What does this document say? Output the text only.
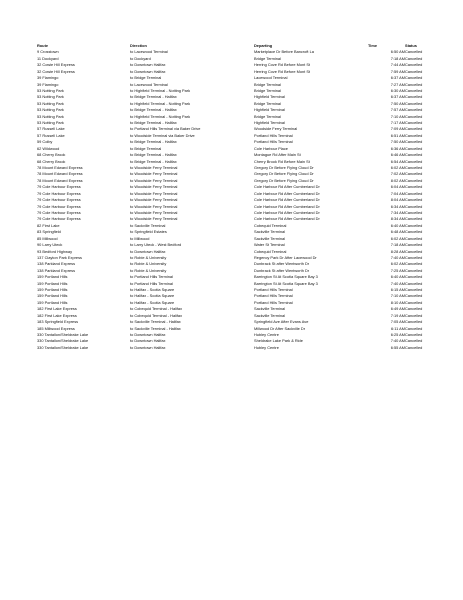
Route	Direction	Departing	Time	Status
9 Crosstown	to Lacewood Terminal	Marketplace Dr Before Bancroft La	6:50 AM	Cancelled
11 Dockyard	to Dockyard	Bridge Terminal	7:18 AM	Cancelled
32 Cowie Hill Express	to Downtown Halifax	Herring Cove Rd Before Mont St	7:44 AM	Cancelled
32 Cowie Hill Express	to Downtown Halifax	Herring Cove Rd Before Mont St	7:59 AM	Cancelled
39 Flamingo	to Bridge Terminal	Lacewood Terminal	6:37 AM	Cancelled
39 Flamingo	to Lacewood Terminal	Bridge Terminal	7:27 AM	Cancelled
53 Notting Park	to Highfield Terminal - Notting Park	Bridge Terminal	6:30 AM	Cancelled
53 Notting Park	to Bridge Terminal - Halifax	Highfield Terminal	6:37 AM	Cancelled
53 Notting Park	to Highfield Terminal - Notting Park	Bridge Terminal	7:50 AM	Cancelled
53 Notting Park	to Bridge Terminal - Halifax	Highfield Terminal	7:57 AM	Cancelled
53 Notting Park	to Highfield Terminal - Notting Park	Bridge Terminal	7:10 AM	Cancelled
53 Notting Park	to Bridge Terminal - Halifax	Highfield Terminal	7:17 AM	Cancelled
57 Russell Lake	to Portland Hills Terminal via Baker Drive	Woodside Ferry Terminal	7:09 AM	Cancelled
57 Russell Lake	to Woodside Terminal via Baker Drive	Portland Hills Terminal	6:51 AM	Cancelled
59 Colby	to Bridge Terminal - Halifax	Portland Hills Terminal	7:50 AM	Cancelled
62 Wildwood	to Bridge Terminal	Cole Harbour Place	6:36 AM	Cancelled
68 Cherry Brook	to Bridge Terminal - Halifax	Montague Rd After Main St	6:46 AM	Cancelled
68 Cherry Brook	to Bridge Terminal - Halifax	Cherry Brook Rd Before Main St	6:54 AM	Cancelled
78 Mount Edward Express	to Woodside Ferry Terminal	Gregory Dr Before Flying Cloud Dr	6:02 AM	Cancelled
78 Mount Edward Express	to Woodside Ferry Terminal	Gregory Dr Before Flying Cloud Dr	7:02 AM	Cancelled
78 Mount Edward Express	to Woodside Ferry Terminal	Gregory Dr Before Flying Cloud Dr	8:02 AM	Cancelled
79 Cole Harbour Express	to Woodside Ferry Terminal	Cole Harbour Rd After Cumberland Dr	6:04 AM	Cancelled
79 Cole Harbour Express	to Woodside Ferry Terminal	Cole Harbour Rd After Cumberland Dr	7:04 AM	Cancelled
79 Cole Harbour Express	to Woodside Ferry Terminal	Cole Harbour Rd After Cumberland Dr	8:04 AM	Cancelled
79 Cole Harbour Express	to Woodside Ferry Terminal	Cole Harbour Rd After Cumberland Dr	6:34 AM	Cancelled
79 Cole Harbour Express	to Woodside Ferry Terminal	Cole Harbour Rd After Cumberland Dr	7:34 AM	Cancelled
79 Cole Harbour Express	to Woodside Ferry Terminal	Cole Harbour Rd After Cumberland Dr	8:34 AM	Cancelled
82 First Lake	to Sackville Terminal	Cobequid Terminal	6:40 AM	Cancelled
83 Springfield	to Springfield Estates	Sackville Terminal	6:48 AM	Cancelled
85 Millwood	to Millwood	Sackville Terminal	6:02 AM	Cancelled
90 Larry Uteck	to Larry Uteck - West Bedford	Water St Terminal	7:18 AM	Cancelled
93 Bedford Highway	to Downtown Halifax	Cobequid Terminal	8:28 AM	Cancelled
137 Clayton Park Express	to Robie & University	Regency Park Dr After Lacewood Dr	7:40 AM	Cancelled
138 Parkland Express	to Robie & University	Dunbrack St after Wentworth Dr	6:02 AM	Cancelled
138 Parkland Express	to Robie & University	Dunbrack St after Wentworth Dr	7:25 AM	Cancelled
159 Portland Hills	to Portland Hills Terminal	Barrington St At Scotia Square Bay 3	6:40 AM	Cancelled
159 Portland Hills	to Portland Hills Terminal	Barrington St At Scotia Square Bay 3	7:40 AM	Cancelled
159 Portland Hills	to Halifax - Scotia Square	Portland Hills Terminal	6:15 AM	Cancelled
159 Portland Hills	to Halifax - Scotia Square	Portland Hills Terminal	7:10 AM	Cancelled
159 Portland Hills	to Halifax - Scotia Square	Portland Hills Terminal	8:10 AM	Cancelled
182 First Lake Express	to Cobequid Terminal - Halifax	Sackville Terminal	6:49 AM	Cancelled
182 First Lake Express	to Cobequid Terminal - Halifax	Sackville Terminal	7:19 AM	Cancelled
183 Springfield Express	to Sackville Terminal - Halifax	Springfield Ave After Evans Ave	7:05 AM	Cancelled
185 Millwood Express	to Sackville Terminal - Halifax	Millwood Dr After Sackville Dr	6:11 AM	Cancelled
330 Tantallon/Sheldrake Lake	to Downtown Halifax	Hubley Centre	6:25 AM	Cancelled
330 Tantallon/Sheldrake Lake	to Downtown Halifax	Sheldrake Lake Park & Ride	7:40 AM	Cancelled
330 Tantallon/Sheldrake Lake	to Downtown Halifax	Hubley Centre	6:55 AM	Cancelled
